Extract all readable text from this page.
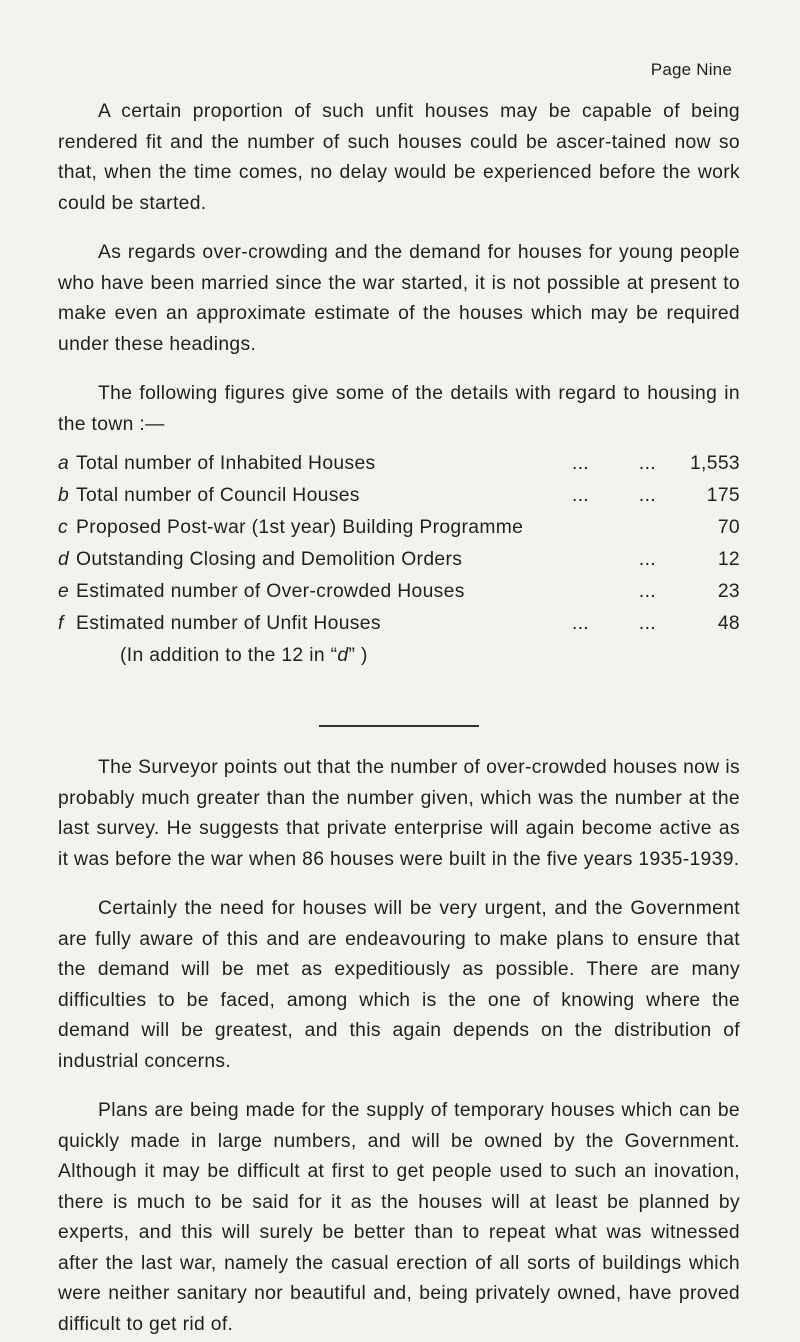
Page Nine

A certain proportion of such unfit houses may be capable of being rendered fit and the number of such houses could be ascer-tained now so that, when the time comes, no delay would be experienced before the work could be started.

As regards over-crowding and the demand for houses for young people who have been married since the war started, it is not possible at present to make even an approximate estimate of the houses which may be required under these headings.

The following figures give some of the details with regard to housing in the town :—

a Total number of Inhabited Houses	...	...	1,553
b Total number of Council Houses	...	...	175
c Proposed Post-war (1st year) Building Programme	70
d Outstanding Closing and Demolition Orders	...	12
e Estimated number of Over-crowded Houses	...	23
f Estimated number of Unfit Houses	...	...	48
(In addition to the 12 in “d” )

The Surveyor points out that the number of over-crowded houses now is probably much greater than the number given, which was the number at the last survey. He suggests that private enterprise will again become active as it was before the war when 86 houses were built in the five years 1935-1939.

Certainly the need for houses will be very urgent, and the Government are fully aware of this and are endeavouring to make plans to ensure that the demand will be met as expeditiously as possible. There are many difficulties to be faced, among which is the one of knowing where the demand will be greatest, and this again depends on the distribution of industrial concerns.

Plans are being made for the supply of temporary houses which can be quickly made in large numbers, and will be owned by the Government. Although it may be difficult at first to get people used to such an inovation, there is much to be said for it as the houses will at least be planned by experts, and this will surely be better than to repeat what was witnessed after the last war, namely the casual erection of all sorts of buildings which were neither sanitary nor beautiful and, being privately owned, have proved difficult to get rid of.
